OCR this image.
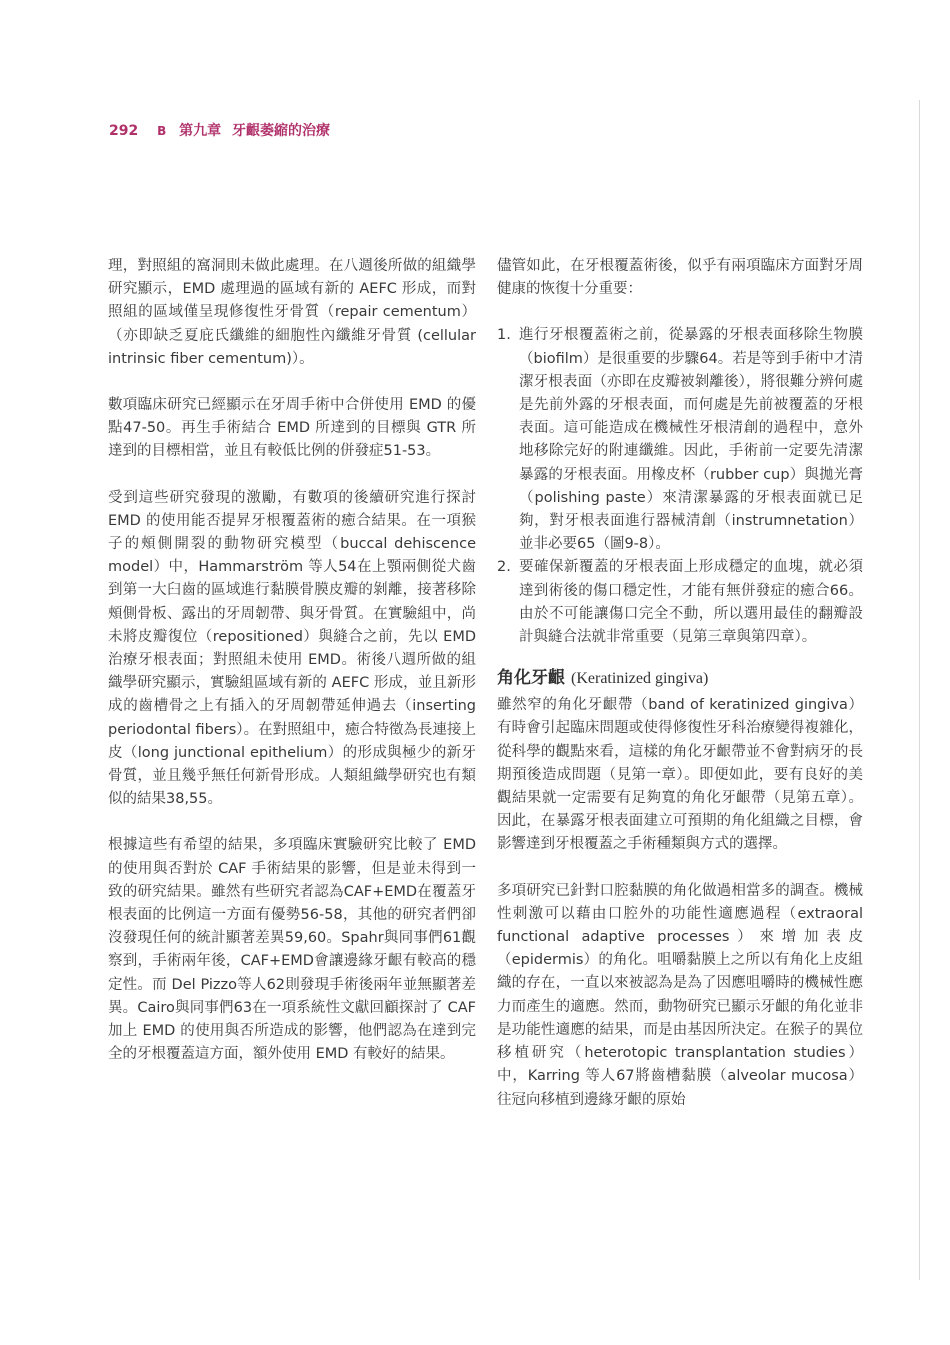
292 B 第九章 牙齦萎縮的治療

理，對照組的窩洞則未做此處理。在八週後所做的組織學研究顯示，EMD 處理過的區域有新的 AEFC 形成，而對照組的區域僅呈現修復性牙骨質（repair cementum）（亦即缺乏夏庇氏纖維的細胞性內纖維牙骨質 (cellular intrinsic fiber cementum)）。

數項臨床研究已經顯示在牙周手術中合併使用 EMD 的優點47-50。再生手術結合 EMD 所達到的目標與 GTR 所達到的目標相當，並且有較低比例的併發症51-53。

受到這些研究發現的激勵，有數項的後續研究進行探討 EMD 的使用能否提昇牙根覆蓋術的癒合結果。在一項猴子的頰側開裂的動物研究模型（buccal dehiscence model）中，Hammarström 等人54在上顎兩側從犬齒到第一大臼齒的區域進行黏膜骨膜皮瓣的剝離，接著移除頰側骨板、露出的牙周韌帶、與牙骨質。在實驗組中，尚未將皮瓣復位（repositioned）與縫合之前，先以 EMD 治療牙根表面；對照組未使用 EMD。術後八週所做的組織學研究顯示，實驗組區域有新的 AEFC 形成，並且新形成的齒槽骨之上有插入的牙周韌帶延伸過去（inserting periodontal fibers）。在對照組中，癒合特徵為長連接上皮（long junctional epithelium）的形成與極少的新牙骨質，並且幾乎無任何新骨形成。人類組織學研究也有類似的結果38,55。

根據這些有希望的結果，多項臨床實驗研究比較了 EMD 的使用與否對於 CAF 手術結果的影響，但是並未得到一致的研究結果。雖然有些研究者認為CAF+EMD在覆蓋牙根表面的比例這一方面有優勢56-58，其他的研究者們卻沒發現任何的統計顯著差異59,60。Spahr與同事們61觀察到，手術兩年後，CAF+EMD會讓邊緣牙齦有較高的穩定性。而 Del Pizzo等人62則發現手術後兩年並無顯著差異。Cairo與同事們63在一項系統性文獻回顧探討了 CAF 加上 EMD 的使用與否所造成的影響，他們認為在達到完全的牙根覆蓋這方面，額外使用 EMD 有較好的結果。

儘管如此，在牙根覆蓋術後，似乎有兩項臨床方面對牙周健康的恢復十分重要：

1. 進行牙根覆蓋術之前，從暴露的牙根表面移除生物膜（biofilm）是很重要的步驟64。若是等到手術中才清潔牙根表面（亦即在皮瓣被剝離後），將很難分辨何處是先前外露的牙根表面，而何處是先前被覆蓋的牙根表面。這可能造成在機械性牙根清創的過程中，意外地移除完好的附連纖維。因此，手術前一定要先清潔暴露的牙根表面。用橡皮杯（rubber cup）與拋光膏（polishing paste）來清潔暴露的牙根表面就已足夠，對牙根表面進行器械清創（instrumnetation）並非必要65（圖9-8）。
2. 要確保新覆蓋的牙根表面上形成穩定的血塊，就必須達到術後的傷口穩定性，才能有無併發症的癒合66。由於不可能讓傷口完全不動，所以選用最佳的翻瓣設計與縫合法就非常重要（見第三章與第四章）。
角化牙齦 (Keratinized gingiva)

雖然窄的角化牙齦帶（band of keratinized gingiva）有時會引起臨床問題或使得修復性牙科治療變得複雜化，從科學的觀點來看，這樣的角化牙齦帶並不會對病牙的長期預後造成問題（見第一章）。即便如此，要有良好的美觀結果就一定需要有足夠寬的角化牙齦帶（見第五章）。因此，在暴露牙根表面建立可預期的角化組織之目標，會影響達到牙根覆蓋之手術種類與方式的選擇。

多項研究已針對口腔黏膜的角化做過相當多的調查。機械性刺激可以藉由口腔外的功能性適應過程（extraoral functional adaptive processes）來增加表皮（epidermis）的角化。咀嚼黏膜上之所以有角化上皮組織的存在，一直以來被認為是為了因應咀嚼時的機械性應力而產生的適應。然而，動物研究已顯示牙齦的角化並非是功能性適應的結果，而是由基因所決定。在猴子的異位移植研究（heterotopic transplantation studies）中，Karring 等人67將齒槽黏膜（alveolar mucosa）往冠向移植到邊緣牙齦的原始
